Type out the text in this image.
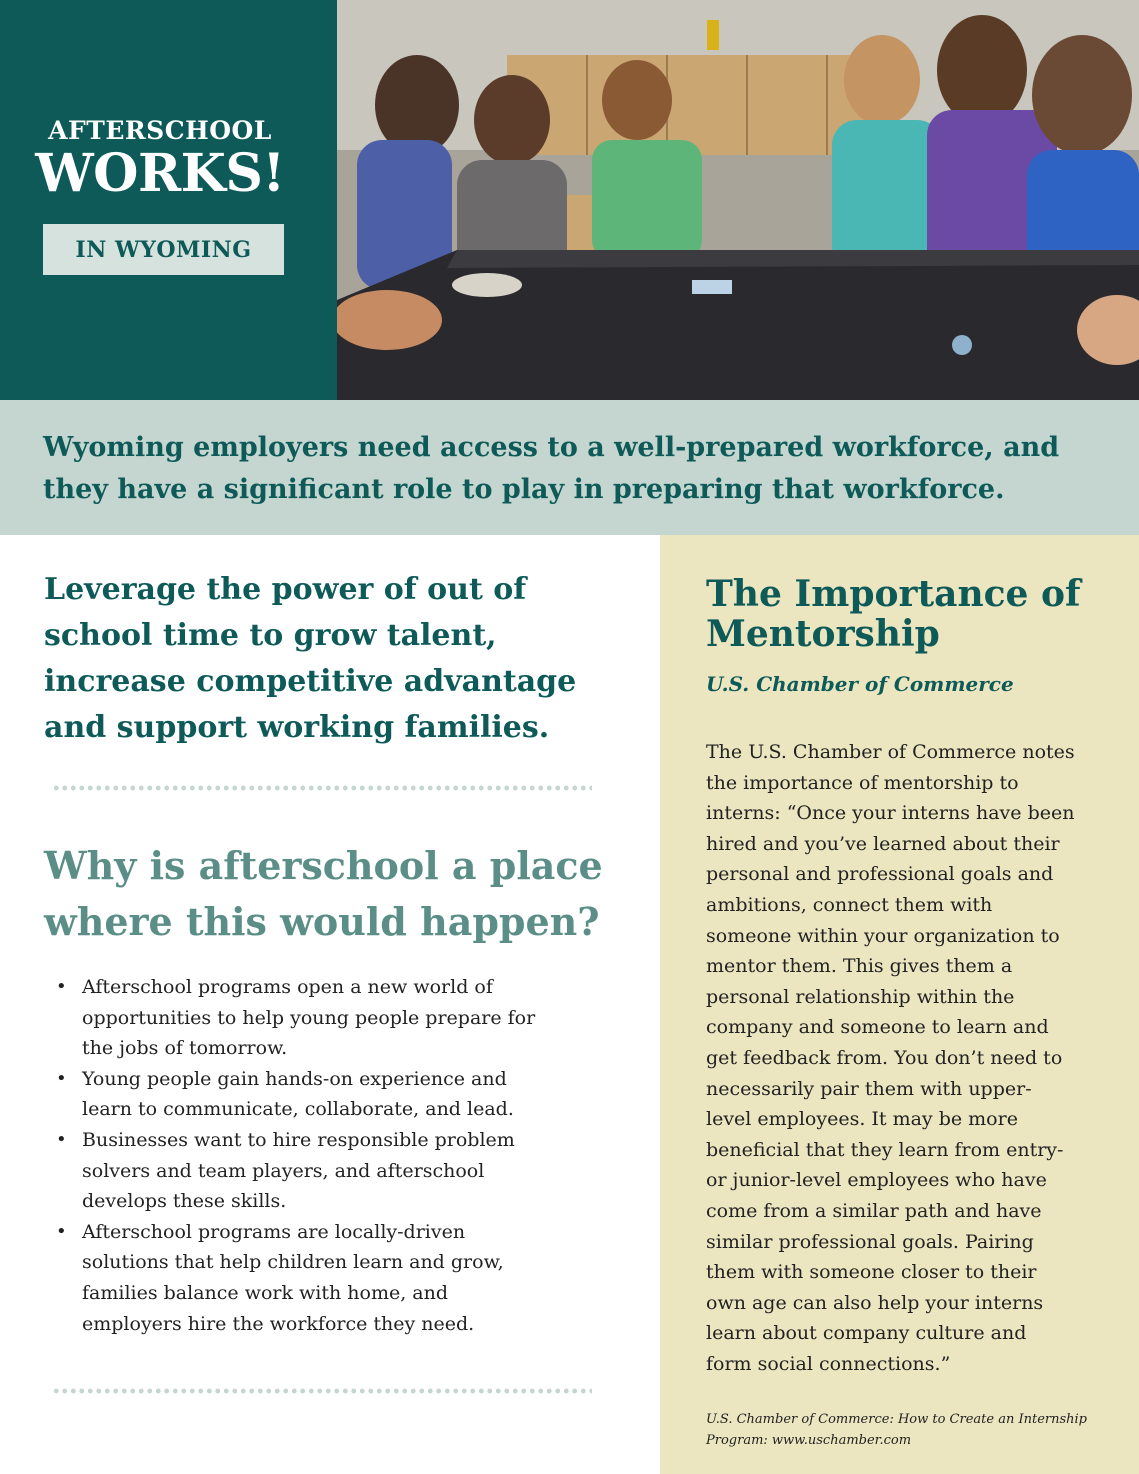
AFTERSCHOOL
WORKS!
IN WYOMING
Wyoming employers need access to a well-prepared workforce, and they have a significant role to play in preparing that workforce.
Leverage the power of out of school time to grow talent, increase competitive advantage and support working families.
Why is afterschool a place where this would happen?
• Afterschool programs open a new world of opportunities to help young people prepare for the jobs of tomorrow.
• Young people gain hands-on experience and learn to communicate, collaborate, and lead.
• Businesses want to hire responsible problem solvers and team players, and afterschool develops these skills.
• Afterschool programs are locally-driven solutions that help children learn and grow, families balance work with home, and employers hire the workforce they need.
The Importance of Mentorship
U.S. Chamber of Commerce
The U.S. Chamber of Commerce notes the importance of mentorship to interns: “Once your interns have been hired and you’ve learned about their personal and professional goals and ambitions, connect them with someone within your organization to mentor them. This gives them a personal relationship within the company and someone to learn and get feedback from. You don’t need to necessarily pair them with upper-level employees. It may be more beneficial that they learn from entry- or junior-level employees who have come from a similar path and have similar professional goals. Pairing them with someone closer to their own age can also help your interns learn about company culture and form social connections.”
U.S. Chamber of Commerce: How to Create an Internship
Program: www.uschamber.com
